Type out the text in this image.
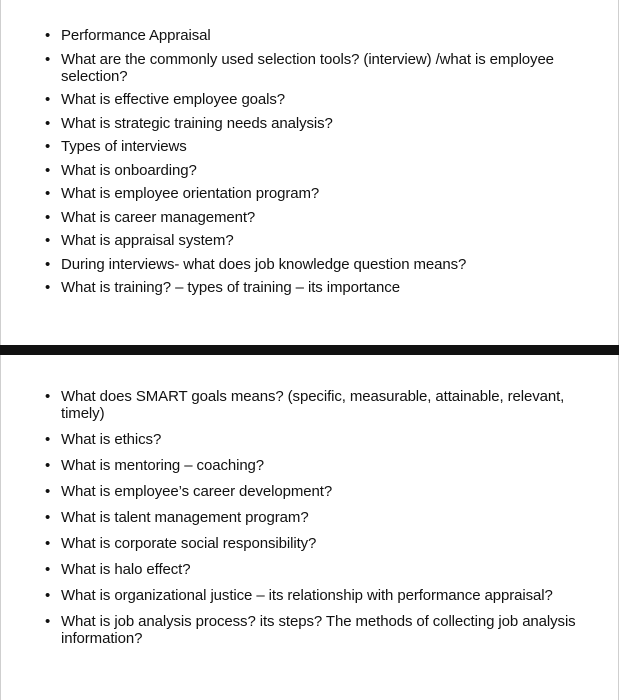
• Performance Appraisal
• What are the commonly used selection tools? (interview) /what is employee selection?
• What is effective employee goals?
• What is strategic training needs analysis?
• Types of interviews
• What is onboarding?
• What is employee orientation program?
• What is career management?
• What is appraisal system?
• During interviews- what does job knowledge question means?
• What is training? – types of training – its importance
• What does SMART goals means? (specific, measurable, attainable, relevant, timely)
• What is ethics?
• What is mentoring – coaching?
• What is employee’s career development?
• What is talent management program?
• What is corporate social responsibility?
• What is halo effect?
• What is organizational justice – its relationship with performance appraisal?
• What is job analysis process? its steps? The methods of collecting job analysis information?
